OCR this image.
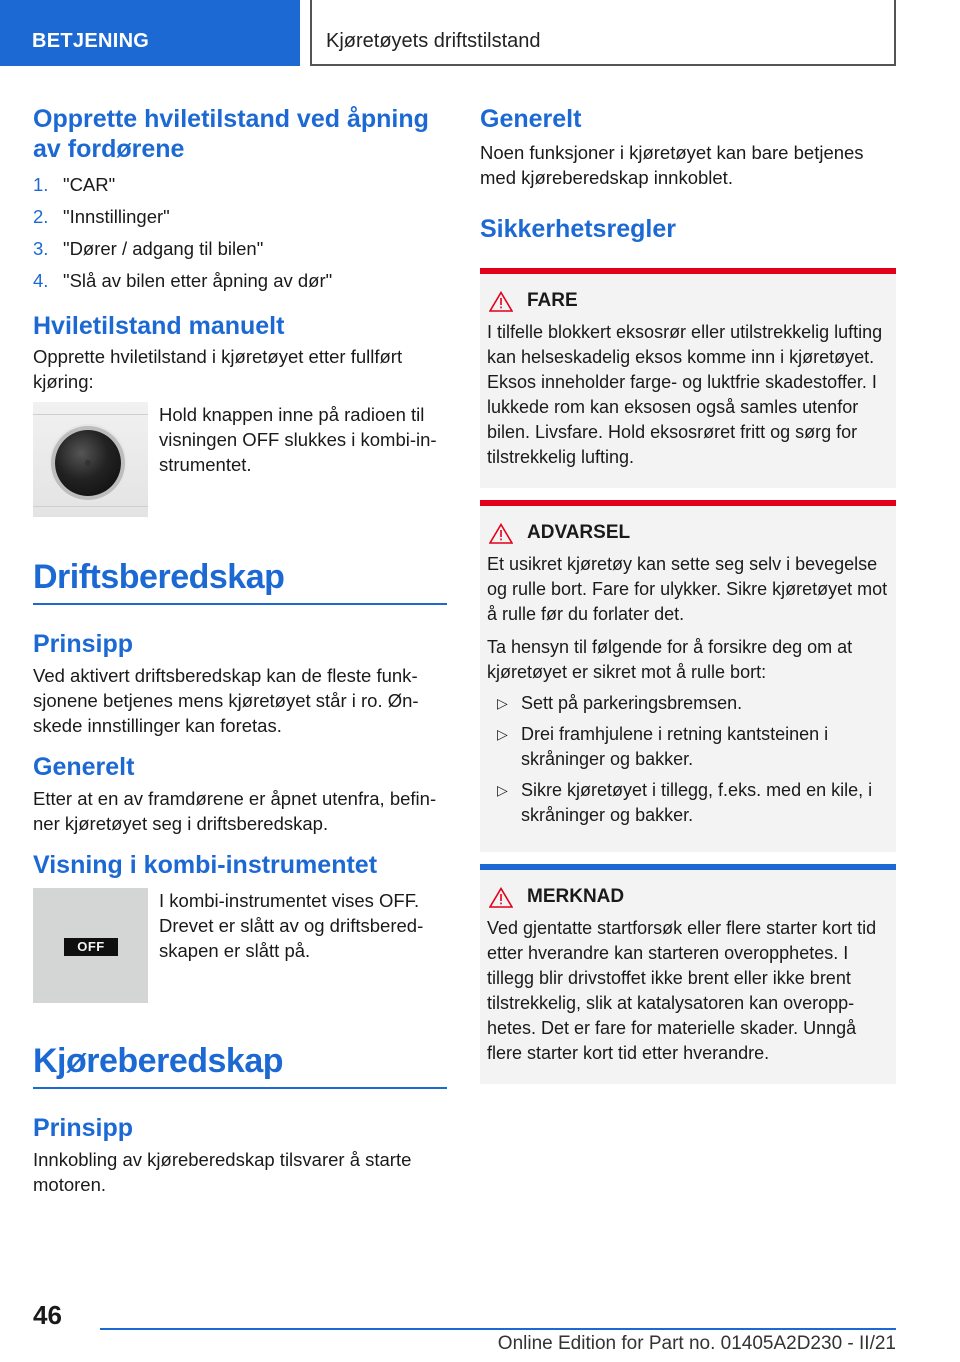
BETJENING	Kjøretøyets driftstilstand
Opprette hviletilstand ved åpning av fordørene
1. "CAR"
2. "Innstillinger"
3. "Dører / adgang til bilen"
4. "Slå av bilen etter åpning av dør"
Hviletilstand manuelt

Opprette hviletilstand i kjøretøyet etter fullført kjøring:

Hold knappen inne på radioen til visningen OFF slukkes i kombi-instrumentet.

Driftsberedskap
Prinsipp

Ved aktivert driftsberedskap kan de fleste funksjonene betjenes mens kjøretøyet står i ro. Ønskede innstillinger kan foretas.

Generelt

Etter at en av framdørene er åpnet utenfra, befinner kjøretøyet seg i driftsberedskap.

Visning i kombi-instrumentet
OFF

I kombi-instrumentet vises OFF. Drevet er slått av og driftsberedskapen er slått på.

Kjøreberedskap
Prinsipp

Innkobling av kjøreberedskap tilsvarer å starte motoren.

Generelt

Noen funksjoner i kjøretøyet kan bare betjenes med kjøreberedskap innkoblet.

Sikkerhetsregler
FARE

I tilfelle blokkert eksosrør eller utilstrekkelig lufting kan helseskadelig eksos komme inn i kjøretøyet. Eksos inneholder farge- og luktfrie skadestoffer. I lukkede rom kan eksosen også samles utenfor bilen. Livsfare. Hold eksosrøret fritt og sørg for tilstrekkelig lufting.

ADVARSEL

Et usikret kjøretøy kan sette seg selv i bevegelse og rulle bort. Fare for ulykker. Sikre kjøretøyet mot å rulle før du forlater det.

Ta hensyn til følgende for å forsikre deg om at kjøretøyet er sikret mot å rulle bort:

▷ Sett på parkeringsbremsen.
▷ Drei framhjulene i retning kantsteinen i skråninger og bakker.
▷ Sikre kjøretøyet i tillegg, f.eks. med en kile, i skråninger og bakker.
MERKNAD

Ved gjentatte startforsøk eller flere starter kort tid etter hverandre kan starteren overopphetes. I tillegg blir drivstoffet ikke brent eller ikke brent tilstrekkelig, slik at katalysatoren kan overopphetes. Det er fare for materielle skader. Unngå flere starter kort tid etter hverandre.

46
Online Edition for Part no. 01405A2D230 - II/21
